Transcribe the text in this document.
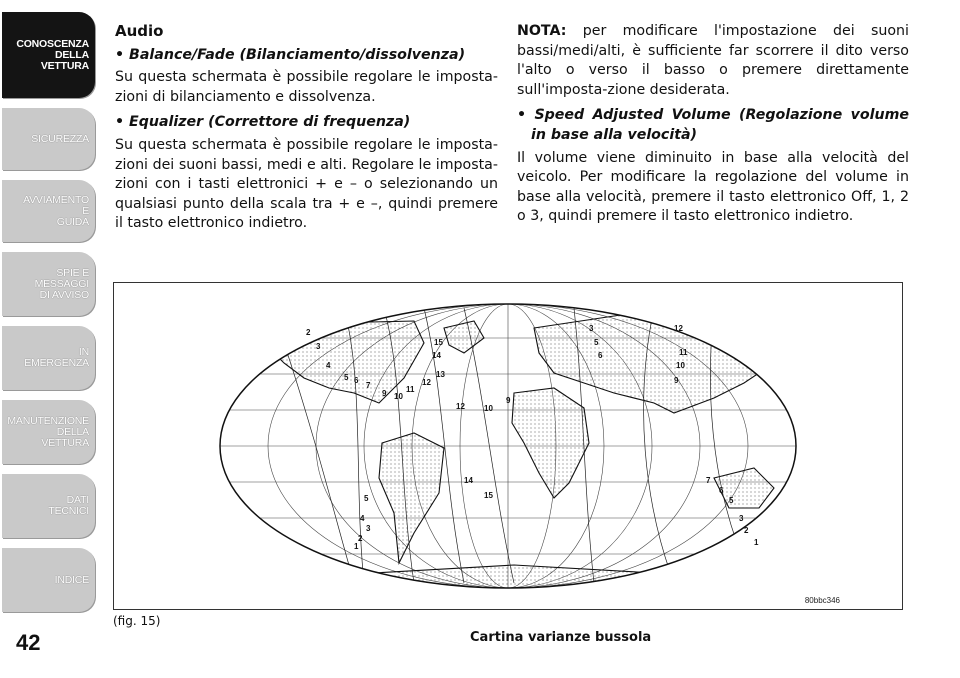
CONOSCENZA
DELLA
VETTURA
SICUREZZA
AVVIAMENTO
E
GUIDA
SPIE E
MESSAGGI
DI AVVISO
IN
EMERGENZA
MANUTENZIONE
DELLA
VETTURA
DATI
TECNICI
INDICE
42

Audio

• Balance/Fade (Bilanciamento/dissolvenza)

Su questa schermata è possibile regolare le imposta-zioni di bilanciamento e dissolvenza.

• Equalizer (Correttore di frequenza)

Su questa schermata è possibile regolare le imposta-zioni dei suoni bassi, medi e alti. Regolare le imposta-zioni con i tasti elettronici + e – o selezionando un qualsiasi punto della scala tra + e –, quindi premere il tasto elettronico indietro.

NOTA: per modificare l'impostazione dei suoni bassi/medi/alti, è sufficiente far scorrere il dito verso l'alto o verso il basso o premere direttamente sull'imposta-zione desiderata.

• Speed Adjusted Volume (Regolazione volume in base alla velocità)

Il volume viene diminuito in base alla velocità del veicolo. Per modificare la regolazione del volume in base alla velocità, premere il tasto elettronico Off, 1, 2 o 3, quindi premere il tasto elettronico indietro.

2
3
4
5 6
7
9 10
11
12
15
14
13
12 10
9
3
5
6
12
11
10
9
14
15
5
4
3
2
1
7
6
5
3
2
1
80bbc346
(fig. 15)
Cartina varianze bussola
